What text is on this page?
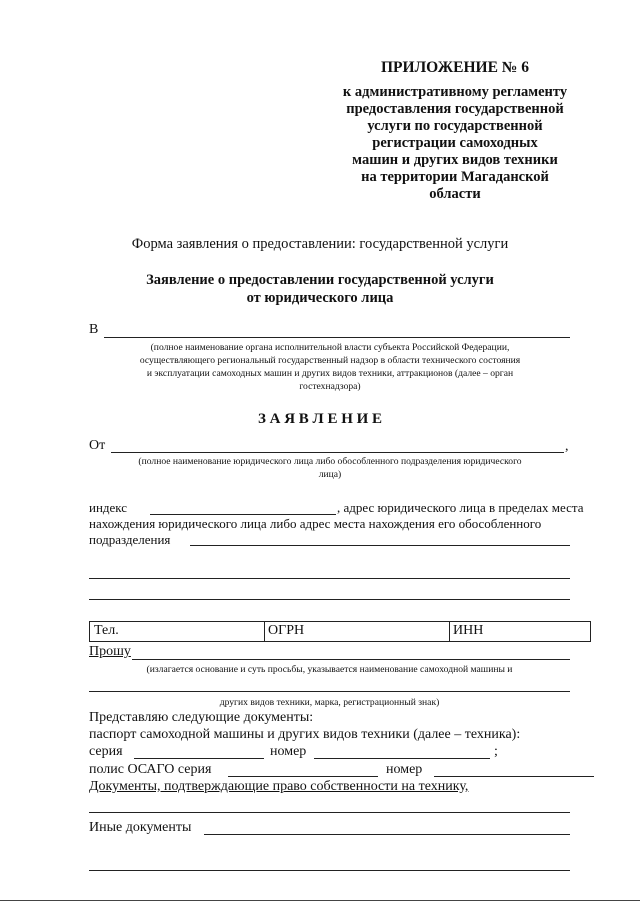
ПРИЛОЖЕНИЕ № 6
к административному регламенту
предоставления государственной
услуги по государственной
регистрации самоходных
машин и других видов техники
на территории Магаданской
области
Форма заявления о предоставлении: государственной услуги
Заявление о предоставлении государственной услуги
от юридического лица
В
(полное наименование органа исполнительной власти субъекта Российской Федерации,
осуществляющего региональный государственный надзор в области технического состояния
и эксплуатации самоходных машин и других видов техники, аттракционов (далее – орган
гостехнадзора)
З А Я В Л Е Н И Е
От	,
(полное наименование юридического лица либо обособленного подразделения юридического
лица)
индекс	, адрес юридического лица в пределах места
нахождения юридического лица либо адрес места нахождения его обособленного
подразделения
Тел.	ОГРН	ИНН
Прошу
(излагается основание и суть просьбы, указывается наименование самоходной машины и
других видов техники, марка, регистрационный знак)
Представляю следующие документы:
паспорт самоходной машины и других видов техники (далее – техника):
серия	номер	;
полис ОСАГО серия	номер
Документы, подтверждающие право собственности на технику,
Иные документы
